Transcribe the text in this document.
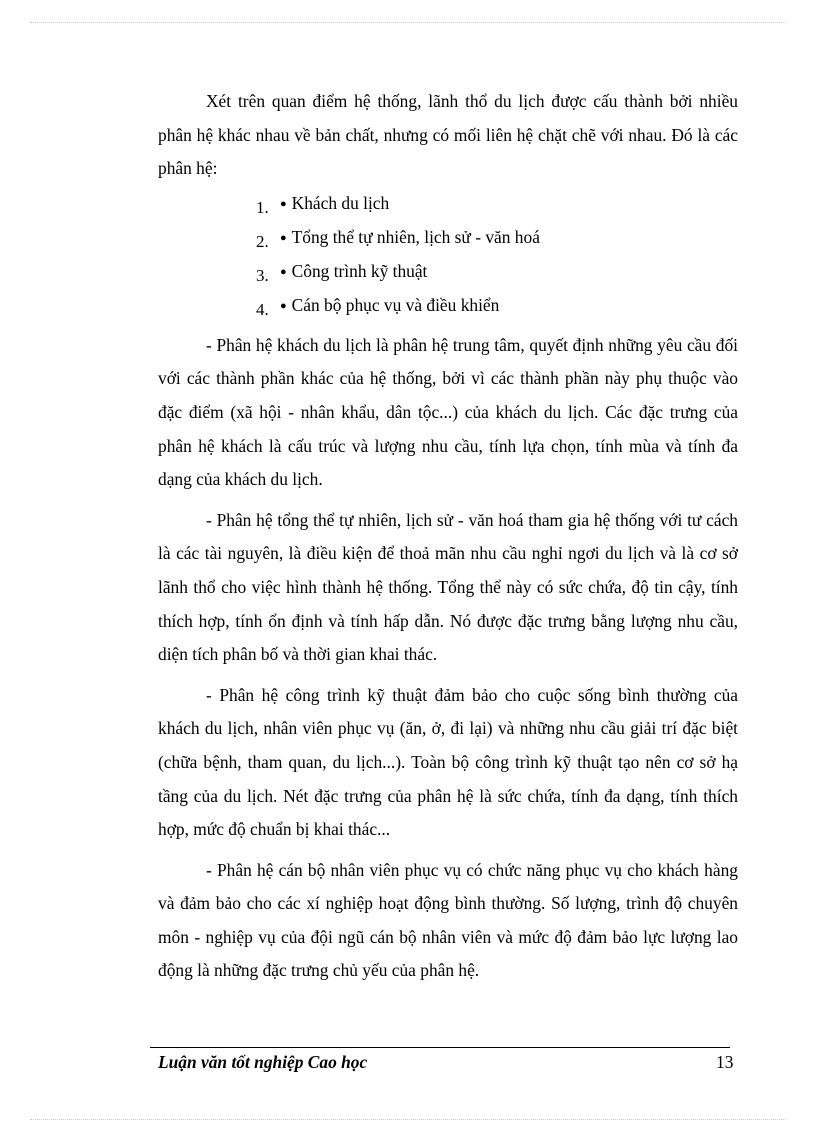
Xét trên quan điểm hệ thống, lãnh thổ du lịch được cấu thành bởi nhiều phân hệ khác nhau về bản chất, nhưng có mối liên hệ chặt chẽ với nhau. Đó là các phân hệ:

1. ● Khách du lịch
2. ● Tổng thể tự nhiên, lịch sử - văn hoá
3. ● Công trình kỹ thuật
4. ● Cán bộ phục vụ và điều khiển

- Phân hệ khách du lịch là phân hệ trung tâm, quyết định những yêu cầu đối với các thành phần khác của hệ thống, bởi vì các thành phần này phụ thuộc vào đặc điểm (xã hội - nhân khẩu, dân tộc...) của khách du lịch. Các đặc trưng của phân hệ khách là cấu trúc và lượng nhu cầu, tính lựa chọn, tính mùa và tính đa dạng của khách du lịch.

- Phân hệ tổng thể tự nhiên, lịch sử - văn hoá tham gia hệ thống với tư cách là các tài nguyên, là điều kiện để thoả mãn nhu cầu nghỉ ngơi du lịch và là cơ sở lãnh thổ cho việc hình thành hệ thống. Tổng thể này có sức chứa, độ tin cậy, tính thích hợp, tính ổn định và tính hấp dẫn. Nó được đặc trưng bằng lượng nhu cầu, diện tích phân bố và thời gian khai thác.

- Phân hệ công trình kỹ thuật đảm bảo cho cuộc sống bình thường của khách du lịch, nhân viên phục vụ (ăn, ở, đi lại) và những nhu cầu giải trí đặc biệt (chữa bệnh, tham quan, du lịch...). Toàn bộ công trình kỹ thuật tạo nên cơ sở hạ tầng của du lịch. Nét đặc trưng của phân hệ là sức chứa, tính đa dạng, tính thích hợp, mức độ chuẩn bị khai thác...

- Phân hệ cán bộ nhân viên phục vụ có chức năng phục vụ cho khách hàng và đảm bảo cho các xí nghiệp hoạt động bình thường. Số lượng, trình độ chuyên môn - nghiệp vụ của đội ngũ cán bộ nhân viên và mức độ đảm bảo lực lượng lao động là những đặc trưng chủ yếu của phân hệ.

Luận văn tốt nghiệp Cao học	13
